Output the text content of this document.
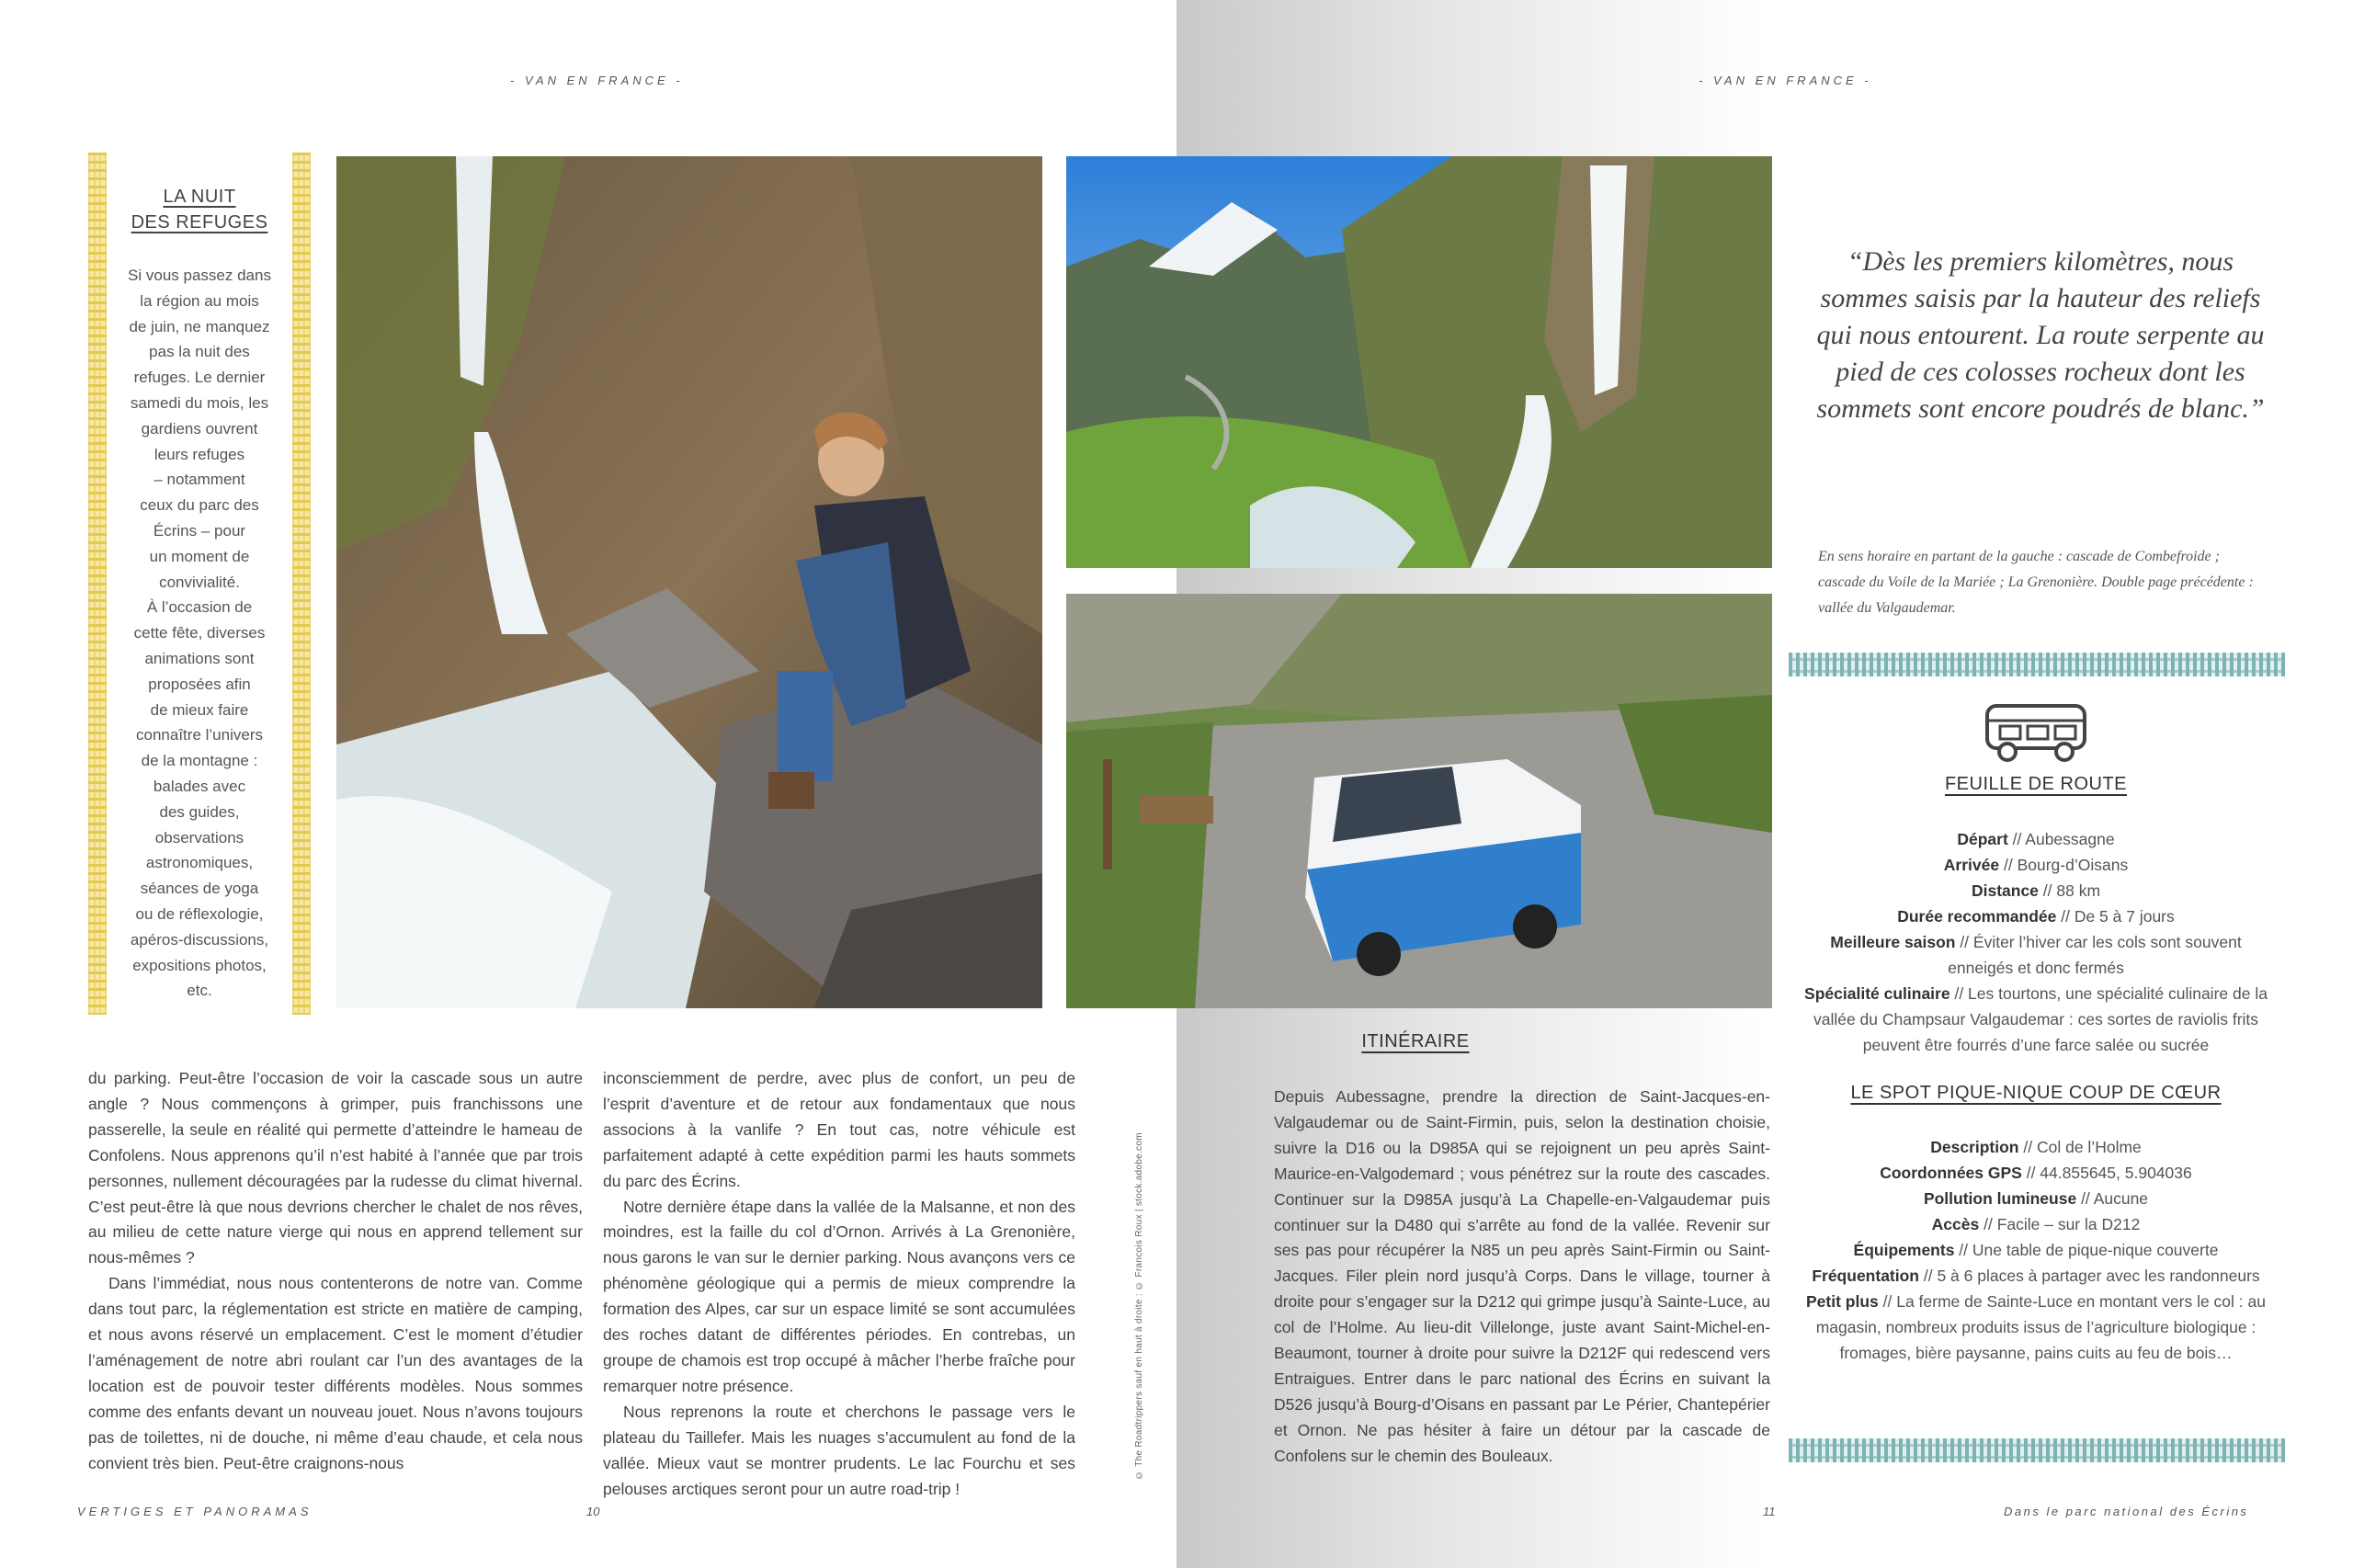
- VAN EN FRANCE -	- VAN EN FRANCE -
LA NUIT
DES REFUGES
Si vous passez dans
la région au mois
de juin, ne manquez
pas la nuit des
refuges. Le dernier
samedi du mois, les
gardiens ouvrent
leurs refuges
– notamment
ceux du parc des
Écrins – pour
un moment de
convivialité.
À l’occasion de
cette fête, diverses
animations sont
proposées afin
de mieux faire
connaître l’univers
de la montagne :
balades avec
des guides,
observations
astronomiques,
séances de yoga
ou de réflexologie,
apéros-discussions,
expositions photos,
etc.

du parking. Peut-être l’occasion de voir la cascade sous un autre angle ? Nous commençons à grimper, puis franchissons une passerelle, la seule en réalité qui permette d’atteindre le hameau de Confolens. Nous apprenons qu’il n’est habité à l’année que par trois personnes, nullement découragées par la rudesse du climat hivernal. C’est peut-être là que nous devrions chercher le chalet de nos rêves, au milieu de cette nature vierge qui nous en apprend tellement sur nous-mêmes ?

Dans l’immédiat, nous nous contenterons de notre van. Comme dans tout parc, la réglementation est stricte en matière de camping, et nous avons réservé un emplacement. C’est le moment d’étudier l’aménagement de notre abri roulant car l’un des avantages de la location est de pouvoir tester différents modèles. Nous sommes comme des enfants devant un nouveau jouet. Nous n’avons toujours pas de toilettes, ni de douche, ni même d’eau chaude, et cela nous convient très bien. Peut-être craignons-nous

inconsciemment de perdre, avec plus de confort, un peu de l’esprit d’aventure et de retour aux fondamentaux que nous associons à la vanlife ? En tout cas, notre véhicule est parfaitement adapté à cette expédition parmi les hauts sommets du parc des Écrins.

Notre dernière étape dans la vallée de la Malsanne, et non des moindres, est la faille du col d’Ornon. Arrivés à La Grenonière, nous garons le van sur le dernier parking. Nous avançons vers ce phénomène géologique qui a permis de mieux comprendre la formation des Alpes, car sur un espace limité se sont accumulées des roches datant de différentes périodes. En contrebas, un groupe de chamois est trop occupé à mâcher l’herbe fraîche pour remarquer notre présence.

Nous reprenons la route et cherchons le passage vers le plateau du Taillefer. Mais les nuages s’accumulent au fond de la vallée. Mieux vaut se montrer prudents. Le lac Fourchu et ses pelouses arctiques seront pour un autre road-trip !

© The Roadtrippers sauf en haut à droite : © Francois Roux | stock.adobe.com
VERTIGES ET PANORAMAS	10
ITINÉRAIRE

Depuis Aubessagne, prendre la direction de Saint-Jacques-en-Valgaudemar ou de Saint-Firmin, puis, selon la destination choisie, suivre la D16 ou la D985A qui se rejoignent un peu après Saint-Maurice-en-Valgodemard ; vous pénétrez sur la route des cascades. Continuer sur la D985A jusqu’à La Chapelle-en-Valgaudemar puis continuer sur la D480 qui s’arrête au fond de la vallée. Revenir sur ses pas pour récupérer la N85 un peu après Saint-Firmin ou Saint-Jacques. Filer plein nord jusqu’à Corps. Dans le village, tourner à droite pour s’engager sur la D212 qui grimpe jusqu’à Sainte-Luce, au col de l’Holme. Au lieu-dit Villelonge, juste avant Saint-Michel-en-Beaumont, tourner à droite pour suivre la D212F qui redescend vers Entraigues. Entrer dans le parc national des Écrins en suivant la D526 jusqu’à Bourg-d’Oisans en passant par Le Périer, Chantepérier et Ornon. Ne pas hésiter à faire un détour par la cascade de Confolens sur le chemin des Bouleaux.

“Dès les premiers kilomètres, nous sommes saisis par la hauteur des reliefs qui nous entourent. La route serpente au pied de ces colosses rocheux dont les sommets sont encore poudrés de blanc.”
En sens horaire en partant de la gauche : cascade de Combefroide ; cascade du Voile de la Mariée ; La Grenonière. Double page précédente : vallée du Valgaudemar.
FEUILLE DE ROUTE
Départ // Aubessagne
Arrivée // Bourg-d’Oisans
Distance // 88 km
Durée recommandée // De 5 à 7 jours
Meilleure saison // Éviter l’hiver car les cols sont souvent enneigés et donc fermés
Spécialité culinaire // Les tourtons, une spécialité culinaire de la vallée du Champsaur Valgaudemar : ces sortes de raviolis frits peuvent être fourrés d’une farce salée ou sucrée
LE SPOT PIQUE-NIQUE COUP DE CŒUR
Description // Col de l’Holme
Coordonnées GPS // 44.855645, 5.904036
Pollution lumineuse // Aucune
Accès // Facile – sur la D212
Équipements // Une table de pique-nique couverte
Fréquentation // 5 à 6 places à partager avec les randonneurs
Petit plus // La ferme de Sainte-Luce en montant vers le col : au magasin, nombreux produits issus de l’agriculture biologique : fromages, bière paysanne, pains cuits au feu de bois…
11	Dans le parc national des Écrins
